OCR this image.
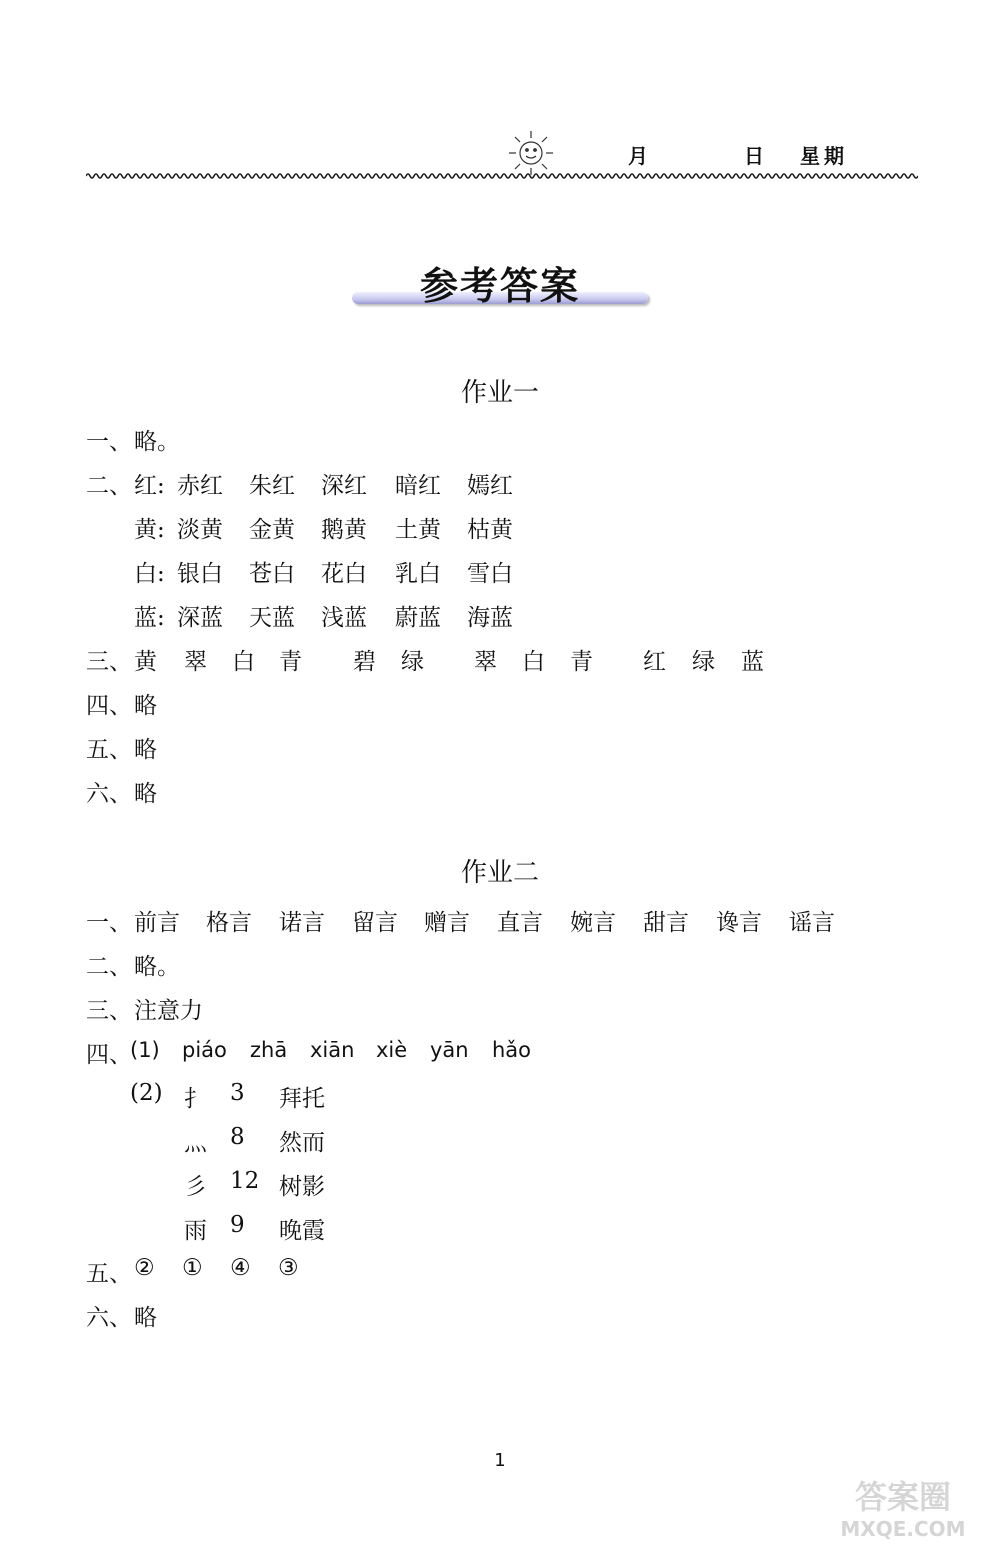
月	日 星期
参考答案
作业一
一、 略。
二、 红: 赤红 朱红 深红 暗红 嫣红
黄: 淡黄 金黄 鹅黄 土黄 枯黄
白: 银白 苍白 花白 乳白 雪白
蓝: 深蓝 天蓝 浅蓝 蔚蓝 海蓝
三、 黄 翠 白 青 碧 绿 翠 白 青 红 绿 蓝
四、 略
五、 略
六、 略
作业二
一、 前言 格言 诺言 留言 赠言 直言 婉言 甜言 谗言 谣言
二、 略。
三、 注意力
四、
(1) piáo zhā xiān xiè yān hǎo
(2) 扌 3 拜托
灬 8 然而
彡 12 树影
雨 9 晚霞
五、 ② ① ④ ③
六、 略
1
答案圈
MXQE.COM
